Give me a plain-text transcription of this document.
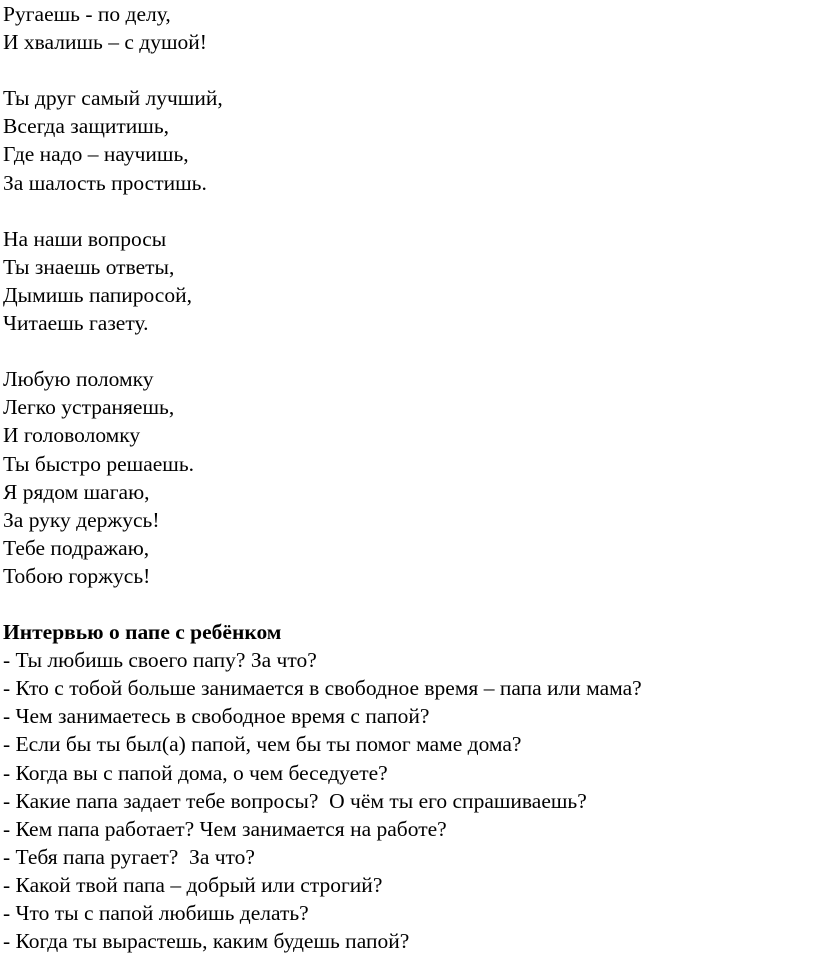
Ругаешь - по делу,
И хвалишь – с душой!
Ты друг самый лучший,
Всегда защитишь,
Где надо – научишь,
За шалость простишь.
На наши вопросы
Ты знаешь ответы,
Дымишь папиросой,
Читаешь газету.
Любую поломку
Легко устраняешь,
И головоломку
Ты быстро решаешь.
Я рядом шагаю,
За руку держусь!
Тебе подражаю,
Тобою горжусь!
Интервью о папе с ребёнком
- Ты любишь своего папу? За что?
- Кто с тобой больше занимается в свободное время – папа или мама?
- Чем занимаетесь в свободное время с папой?
- Если бы ты был(а) папой, чем бы ты помог маме дома?
- Когда вы с папой дома, о чем беседуете?
- Какие папа задает тебе вопросы?  О чём ты его спрашиваешь?
- Кем папа работает? Чем занимается на работе?
- Тебя папа ругает?  За что?
- Какой твой папа – добрый или строгий?
- Что ты с папой любишь делать?
- Когда ты вырастешь, каким будешь папой?
